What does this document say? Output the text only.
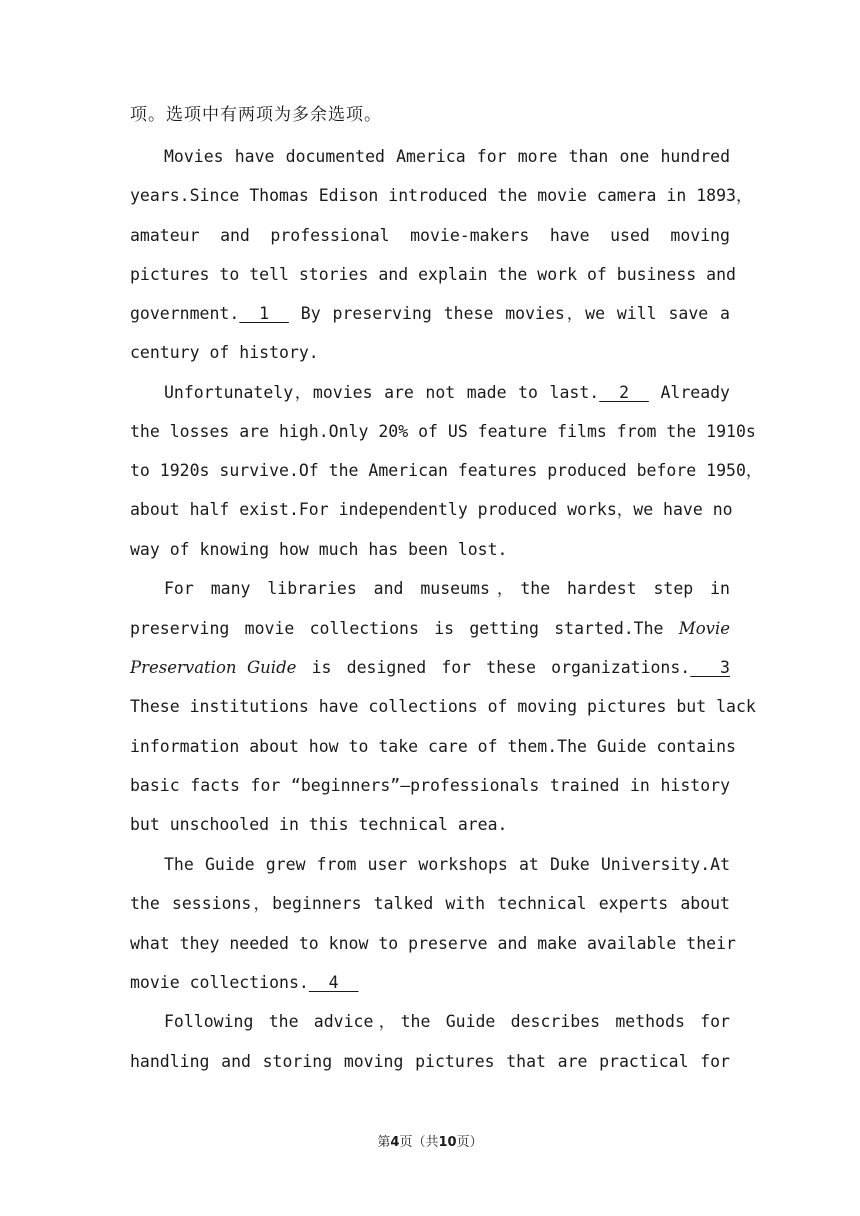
项。选项中有两项为多余选项。
Movies have documented America for more than one hundred
years.Since Thomas Edison introduced the movie camera in 1893，
amateur and professional movie-makers have used moving
pictures to tell stories and explain the work of business and
government.  1   By preserving these movies，we will save a
century of history.
Unfortunately，movies are not made to last.  2   Already
the losses are high.Only 20% of US feature films from the 1910s
to 1920s survive.Of the American features produced before 1950，
about half exist.For independently produced works，we have no
way of knowing how much has been lost.
For many libraries and museums，the hardest step in
preserving movie collections is getting started.The Movie
Preservation Guide is designed for these organizations.   3
These institutions have collections of moving pictures but lack
information about how to take care of them.The Guide contains
basic facts for “beginners”—professionals trained in history
but unschooled in this technical area.
The Guide grew from user workshops at Duke University.At
the sessions，beginners talked with technical experts about
what they needed to know to preserve and make available their
movie collections.  4
Following the advice，the Guide describes methods for
handling and storing moving pictures that are practical for
第4页（共10页）
